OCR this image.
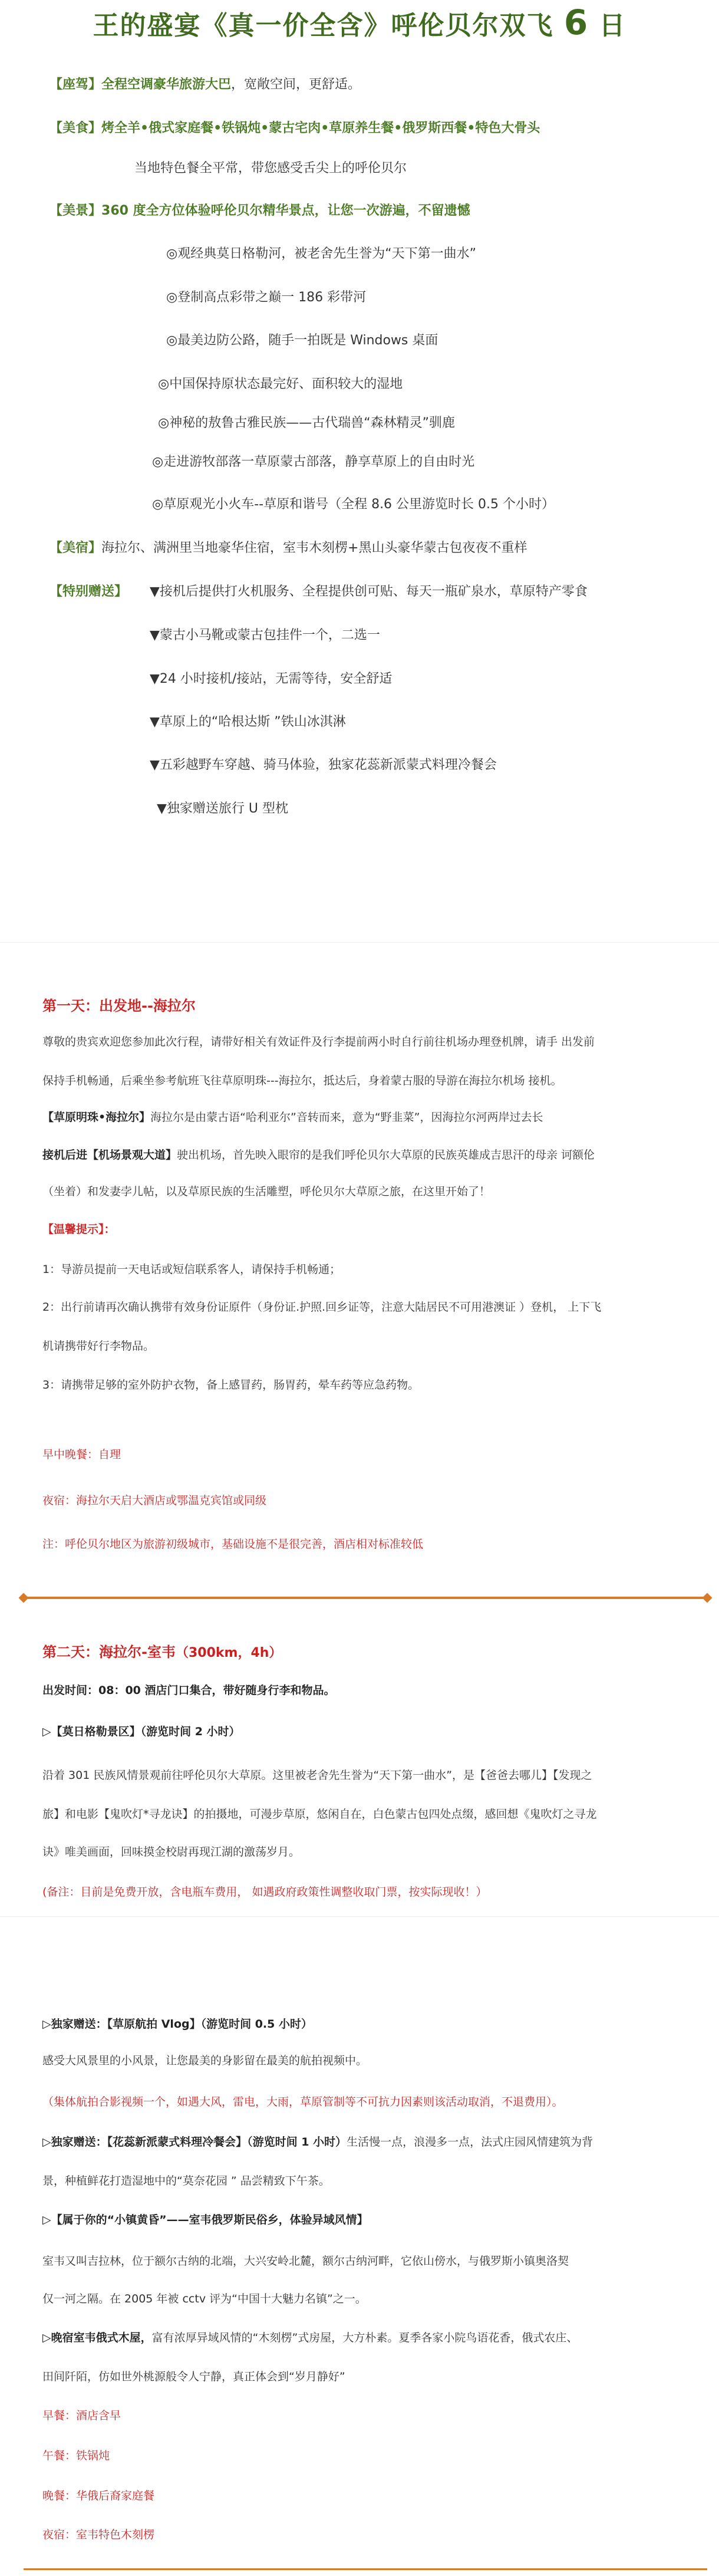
王的盛宴《真一价全含》呼伦贝尔双飞 6 日
【座驾】全程空调豪华旅游大巴，宽敞空间，更舒适。
【美食】烤全羊•俄式家庭餐•铁锅炖•蒙古宅肉•草原养生餐•俄罗斯西餐•特色大骨头
当地特色餐全平常，带您感受舌尖上的呼伦贝尔
【美景】360 度全方位体验呼伦贝尔精华景点，让您一次游遍，不留遗憾
◎观经典莫日格勒河，被老舍先生誉为“天下第一曲水”
◎登制高点彩带之巅一 186 彩带河
◎最美边防公路，随手一拍既是 Windows 桌面
◎中国保持原状态最完好、面积较大的湿地
◎神秘的敖鲁古雅民族——古代瑞兽“森林精灵”驯鹿
◎走进游牧部落一草原蒙古部落，静享草原上的自由时光
◎草原观光小火车--草原和谐号（全程 8.6 公里游览时长 0.5 个小时）
【美宿】海拉尔、满洲里当地豪华住宿，室韦木刻楞+黑山头豪华蒙古包夜夜不重样
【特别赠送】 ▼接机后提供打火机服务、全程提供创可贴、每天一瓶矿泉水，草原特产零食
▼蒙古小马靴或蒙古包挂件一个，二选一
▼24 小时接机/接站，无需等待，安全舒适
▼草原上的“哈根达斯 ”铁山冰淇淋
▼五彩越野车穿越、骑马体验，独家花蕊新派蒙式料理冷餐会
▼独家赠送旅行 U 型枕
第一天：出发地--海拉尔
尊敬的贵宾欢迎您参加此次行程，请带好相关有效证件及行李提前两小时自行前往机场办理登机牌，请手 出发前
保持手机畅通，后乘坐参考航班飞往草原明珠---海拉尔，抵达后，身着蒙古服的导游在海拉尔机场 接机。
【草原明珠•海拉尔】海拉尔是由蒙古语“哈利亚尔”音转而来，意为“野韭菜”，因海拉尔河两岸过去长
接机后进【机场景观大道】驶出机场，首先映入眼帘的是我们呼伦贝尔大草原的民族英雄成吉思汗的母亲 诃额伦
（坐着）和发妻孛儿帖，以及草原民族的生活雕塑，呼伦贝尔大草原之旅，在这里开始了！
【温馨提示】：
1：导游员提前一天电话或短信联系客人，请保持手机畅通；
2：出行前请再次确认携带有效身份证原件（身份证.护照.回乡证等，注意大陆居民不可用港澳证 ）登机， 上下飞
机请携带好行李物品。
3：请携带足够的室外防护衣物，备上感冒药，肠胃药，晕车药等应急药物。
早中晚餐：自理
夜宿：海拉尔天启大酒店或鄂温克宾馆或同级
注：呼伦贝尔地区为旅游初级城市，基础设施不是很完善，酒店相对标准较低
第二天：海拉尔-室韦（300km，4h）
出发时间：08：00 酒店门口集合，带好随身行李和物品。
▷【莫日格勒景区】（游览时间 2 小时）
沿着 301 民族风情景观前往呼伦贝尔大草原。这里被老舍先生誉为“天下第一曲水”，是【爸爸去哪儿】【发现之
旅】和电影【鬼吹灯*寻龙诀】的拍摄地，可漫步草原，悠闲自在，白色蒙古包四处点缀，感回想《鬼吹灯之寻龙
诀》唯美画面，回味摸金校尉再现江湖的激荡岁月。
(备注：目前是免费开放，含电瓶车费用， 如遇政府政策性调整收取门票，按实际现收！）
▷独家赠送：【草原航拍 Vlog】（游览时间 0.5 小时）
感受大风景里的小风景，让您最美的身影留在最美的航拍视频中。
（集体航拍合影视频一个，如遇大风，雷电，大雨，草原管制等不可抗力因素则该活动取消，不退费用）。
▷独家赠送：【花蕊新派蒙式料理冷餐会】（游览时间 1 小时）生活慢一点，浪漫多一点，法式庄园风情建筑为背
景，种植鲜花打造湿地中的“莫奈花园 ” 品尝精致下午茶。
▷【属于你的“小镇黄昏”——室韦俄罗斯民俗乡，体验异域风情】
室韦又叫吉拉林，位于额尔古纳的北端，大兴安岭北麓，额尔古纳河畔，它依山傍水，与俄罗斯小镇奥洛契
仅一河之隔。在 2005 年被 cctv 评为“中国十大魅力名镇”之一。
▷晚宿室韦俄式木屋，富有浓厚异域风情的“木刻楞”式房屋，大方朴素。夏季各家小院鸟语花香，俄式农庄、
田间阡陌，仿如世外桃源般令人宁静，真正体会到“岁月静好”
早餐：酒店含早
午餐：铁锅炖
晚餐：华俄后裔家庭餐
夜宿：室韦特色木刻楞
